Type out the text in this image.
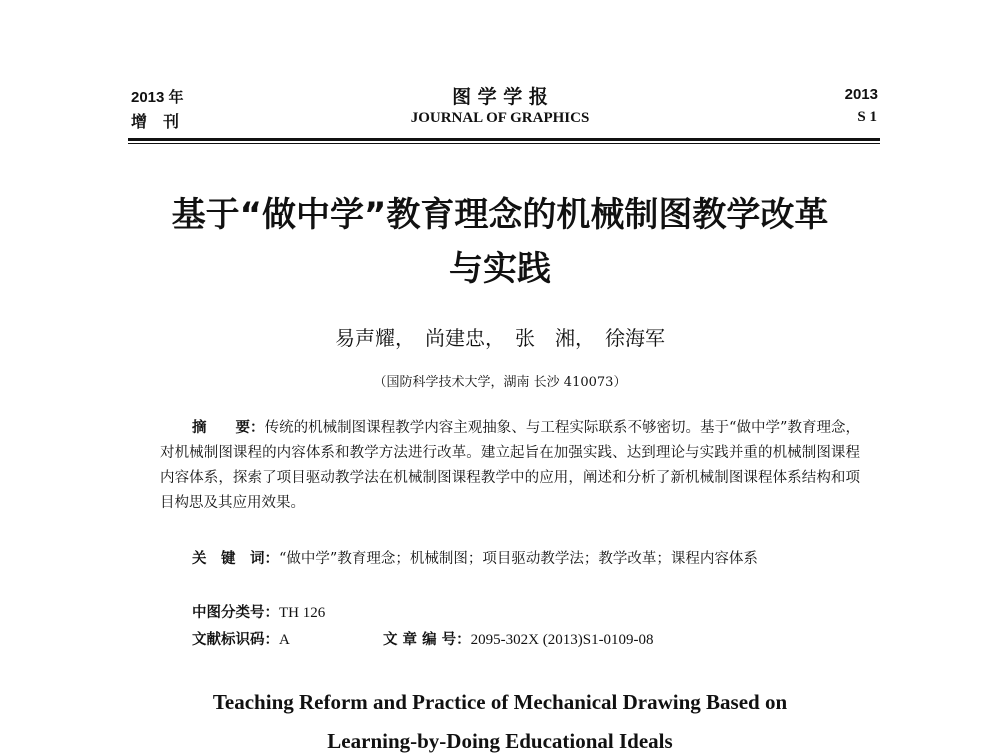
2013 年
增　刊
图 学 学 报
JOURNAL OF GRAPHICS
2013
S 1
基于“做中学”教育理念的机械制图教学改革
与实践
易声耀，　尚建忠，　张　湘，　徐海军
（国防科学技术大学，湖南 长沙 410073）
摘　　要：传统的机械制图课程教学内容主观抽象、与工程实际联系不够密切。基于“做中学”教育理念，对机械制图课程的内容体系和教学方法进行改革。建立起旨在加强实践、达到理论与实践并重的机械制图课程内容体系，探索了项目驱动教学法在机械制图课程教学中的应用，阐述和分析了新机械制图课程体系结构和项目构思及其应用效果。
关　键　词：“做中学”教育理念；机械制图；项目驱动教学法；教学改革；课程内容体系
中图分类号：TH 126
文献标识码：A	文 章 编 号：2095-302X (2013)S1-0109-08
Teaching Reform and Practice of Mechanical Drawing Based on
Learning-by-Doing Educational Ideals
